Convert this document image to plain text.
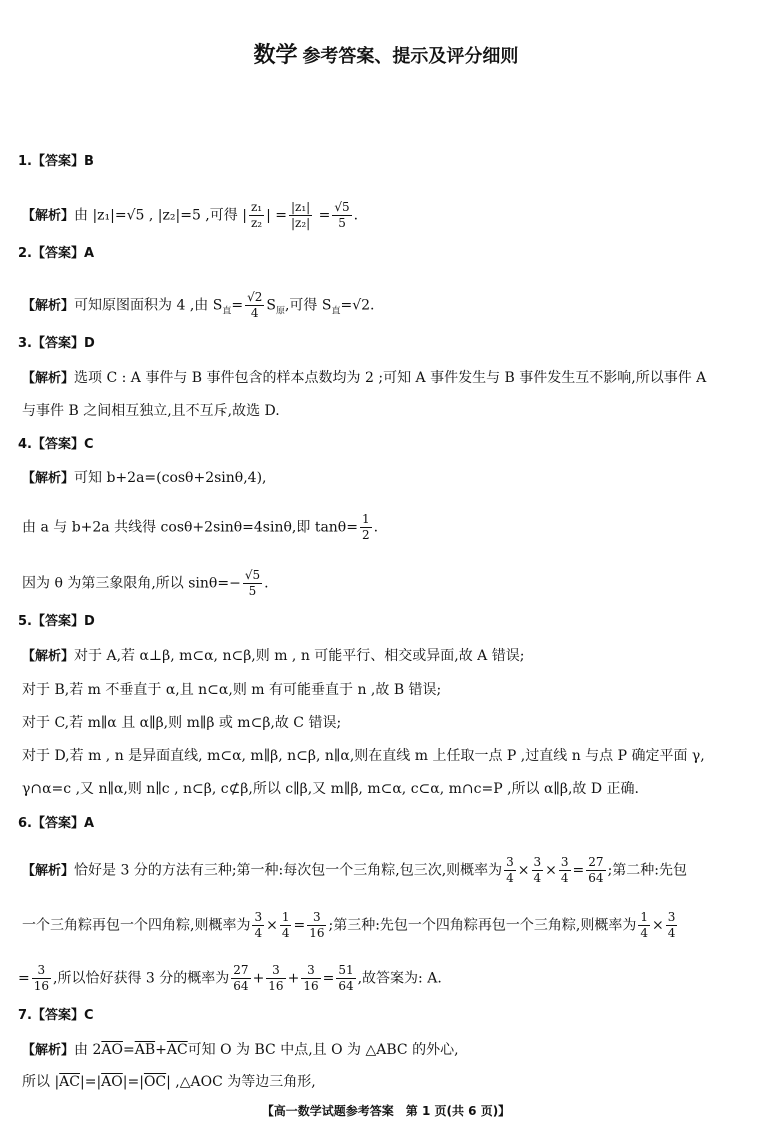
数学 参考答案、提示及评分细则
1.【答案】B
【解析】由 |z₁|=√5 , |z₂|=5 ,可得 | $\frac{\text{z₁}}{\text{z₂}}$ | = $\frac{\text{|z₁|}}{\text{|z₂|}} = \frac{√5}{5}$ .
2.【答案】A
【解析】可知原图面积为 4 ,由 $S_直= \frac{√2}{4} S_原$,可得 $S_直=√2$.
3.【答案】D
【解析】选项 C : A 事件与 B 事件包含的样本点数均为 2 ;可知 A 事件发生与 B 事件发生互不影响,所以事件 A
与事件 B 之间相互独立,且不互斥,故选 D.
4.【答案】C
【解析】可知 b+2a=(cosθ+2sinθ,4),
由 a 与 b+2a 共线得 cosθ+2sinθ=4sinθ,即 $\tan\theta= \frac{1}{2}$ .
因为 θ 为第三象限角,所以 $\sin\theta=- \frac{√5}{5}$ .
5.【答案】D
【解析】对于 A,若 α⊥β, m⊂α, n⊂β,则 m , n 可能平行、相交或异面,故 A 错误;
对于 B,若 m 不垂直于 α,且 n⊂α,则 m 有可能垂直于 n ,故 B 错误;
对于 C,若 m∥α 且 α∥β,则 m∥β 或 m⊂β,故 C 错误;
对于 D,若 m , n 是异面直线, m⊂α, m∥β, n⊂β, n∥α,则在直线 m 上任取一点 P ,过直线 n 与点 P 确定平面 γ,
γ∩α=c ,又 n∥α,则 n∥c , n⊂β, c⊄β,所以 c∥β,又 m∥β, m⊂α, c⊂α, m∩c=P ,所以 α∥β,故 D 正确.
6.【答案】A
【解析】恰好是 3 分的方法有三种;第一种:每次包一个三角粽,包三次,则概率为 $\frac{3}{4} \times \frac{3}{4} \times \frac{3}{4} = \frac{27}{64}$ ;第二种:先包
一个三角粽再包一个四角粽,则概率为 $\frac{3}{4} \times \frac{1}{4} = \frac{3}{16}$ ;第三种:先包一个四角粽再包一个三角粽,则概率为 $\frac{1}{4} \times \frac{3}{4}$
= $\frac{3}{16}$ ,所以恰好获得 3 分的概率为 $\frac{27}{64} + \frac{3}{16} + \frac{3}{16} = \frac{51}{64}$ ,故答案为: A.
7.【答案】C
【解析】由 $2\overline{AO}=\overline{AB}+\overline{AC}$可知 O 为 BC 中点,且 O 为 △ABC 的外心,
所以 $|\overline{AC}|=|\overline{AO}|=|\overline{OC}|$ ,△AOC 为等边三角形,
【高一数学试题参考答案　第 1 页(共 6 页)】
